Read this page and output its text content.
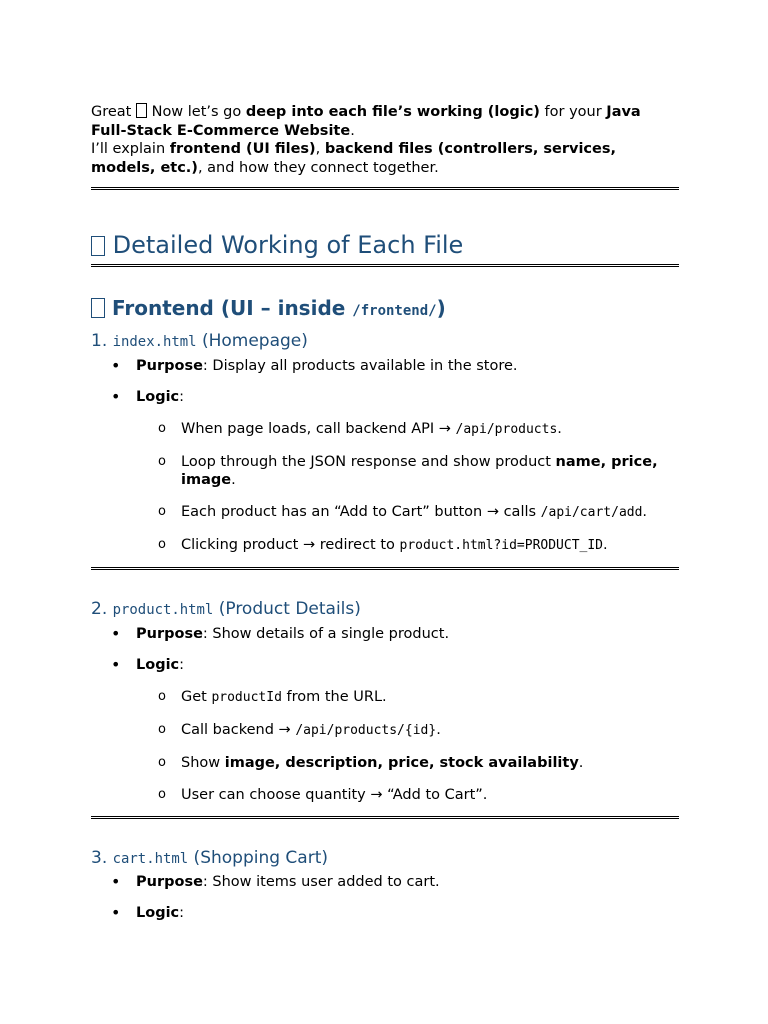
Great  Now let’s go deep into each file’s working (logic) for your Java Full-Stack E-Commerce Website.

I’ll explain frontend (UI files), backend files (controllers, services, models, etc.), and how they connect together.

Detailed Working of Each File
Frontend (UI – inside /frontend/)
1. index.html (Homepage)
• Purpose: Display all products available in the store.
• Logic:
o When page loads, call backend API → /api/products.
o Loop through the JSON response and show product name, price, image.
o Each product has an “Add to Cart” button → calls /api/cart/add.
o Clicking product → redirect to product.html?id=PRODUCT_ID.
2. product.html (Product Details)
• Purpose: Show details of a single product.
• Logic:
o Get productId from the URL.
o Call backend → /api/products/{id}.
o Show image, description, price, stock availability.
o User can choose quantity → “Add to Cart”.
3. cart.html (Shopping Cart)
• Purpose: Show items user added to cart.
• Logic:
